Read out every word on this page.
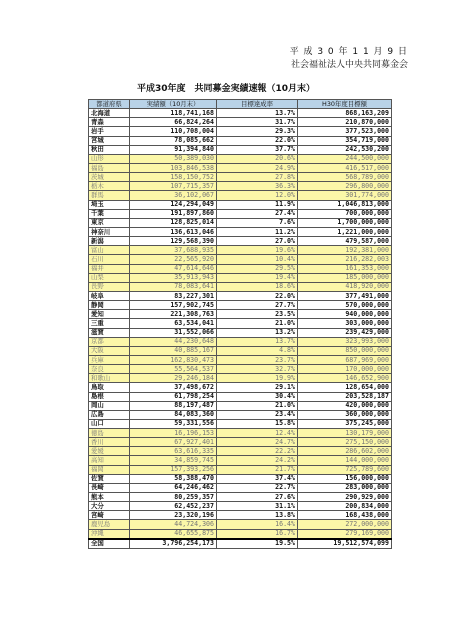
平 成 3 0 年 1 1 月 9 日
社会福祉法人中央共同募金会
平成30年度　共同募金実績速報（10月末）
都道府県	実績額（10月末）	目標達成率	H30年度目標額
北海道	118,741,168	13.7%	868,163,209
青森	66,824,264	31.7%	210,870,000
岩手	110,708,004	29.3%	377,523,000
宮城	78,085,662	22.0%	354,719,000
秋田	91,394,840	37.7%	242,530,200
山形	50,389,030	20.6%	244,500,000
福島	103,846,538	24.9%	416,517,000
茨城	158,150,752	27.8%	568,789,000
栃木	107,715,357	36.3%	296,800,000
群馬	36,102,067	12.0%	301,774,000
埼玉	124,294,049	11.9%	1,046,813,000
千葉	191,897,860	27.4%	700,000,000
東京	128,825,014	7.6%	1,700,000,000
神奈川	136,613,046	11.2%	1,221,000,000
新潟	129,568,390	27.0%	479,587,000
富山	37,688,935	19.6%	192,381,000
石川	22,565,920	10.4%	216,282,003
福井	47,614,646	29.5%	161,353,000
山梨	35,913,943	19.4%	185,000,000
長野	78,083,641	18.6%	418,920,000
岐阜	83,227,301	22.0%	377,491,000
静岡	157,902,745	27.7%	570,000,000
愛知	221,308,763	23.5%	940,000,000
三重	63,534,041	21.0%	303,000,000
滋賀	31,552,066	13.2%	239,429,000
京都	44,230,648	13.7%	323,993,000
大阪	40,885,167	4.8%	850,000,000
兵庫	162,830,473	23.7%	687,969,000
奈良	55,564,537	32.7%	170,000,000
和歌山	29,246,184	19.9%	146,652,900
鳥取	37,498,672	29.1%	128,654,000
島根	61,798,254	30.4%	203,528,187
岡山	88,197,487	21.0%	420,000,000
広島	84,083,360	23.4%	360,000,000
山口	59,331,556	15.8%	375,245,000
徳島	16,196,153	12.4%	130,179,000
香川	67,927,401	24.7%	275,150,000
愛媛	63,616,335	22.2%	286,602,000
高知	34,859,745	24.2%	144,000,000
福岡	157,393,256	21.7%	725,789,600
佐賀	58,388,470	37.4%	156,000,000
長崎	64,246,462	22.7%	283,000,000
熊本	80,259,357	27.6%	290,929,000
大分	62,452,237	31.1%	200,834,000
宮崎	23,320,196	13.8%	168,438,000
鹿児島	44,724,306	16.4%	272,000,000
沖縄	46,655,875	16.7%	279,169,000
全国	3,796,254,173	19.5%	19,512,574,099
